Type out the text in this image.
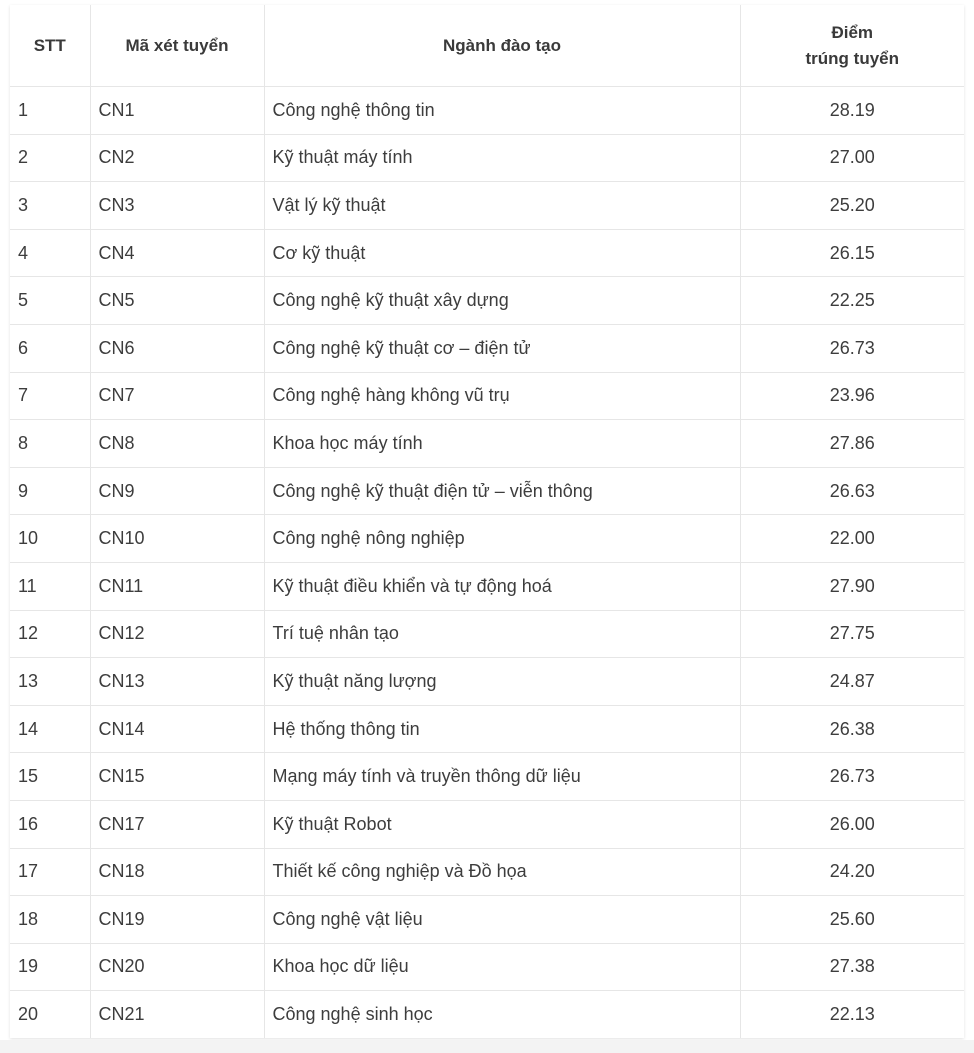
STT	Mã xét tuyển	Ngành đào tạo	Điểm
trúng tuyển
1	CN1	Công nghệ thông tin	28.19
2	CN2	Kỹ thuật máy tính	27.00
3	CN3	Vật lý kỹ thuật	25.20
4	CN4	Cơ kỹ thuật	26.15
5	CN5	Công nghệ kỹ thuật xây dựng	22.25
6	CN6	Công nghệ kỹ thuật cơ – điện tử	26.73
7	CN7	Công nghệ hàng không vũ trụ	23.96
8	CN8	Khoa học máy tính	27.86
9	CN9	Công nghệ kỹ thuật điện tử – viễn thông	26.63
10	CN10	Công nghệ nông nghiệp	22.00
11	CN11	Kỹ thuật điều khiển và tự động hoá	27.90
12	CN12	Trí tuệ nhân tạo	27.75
13	CN13	Kỹ thuật năng lượng	24.87
14	CN14	Hệ thống thông tin	26.38
15	CN15	Mạng máy tính và truyền thông dữ liệu	26.73
16	CN17	Kỹ thuật Robot	26.00
17	CN18	Thiết kế công nghiệp và Đồ họa	24.20
18	CN19	Công nghệ vật liệu	25.60
19	CN20	Khoa học dữ liệu	27.38
20	CN21	Công nghệ sinh học	22.13
